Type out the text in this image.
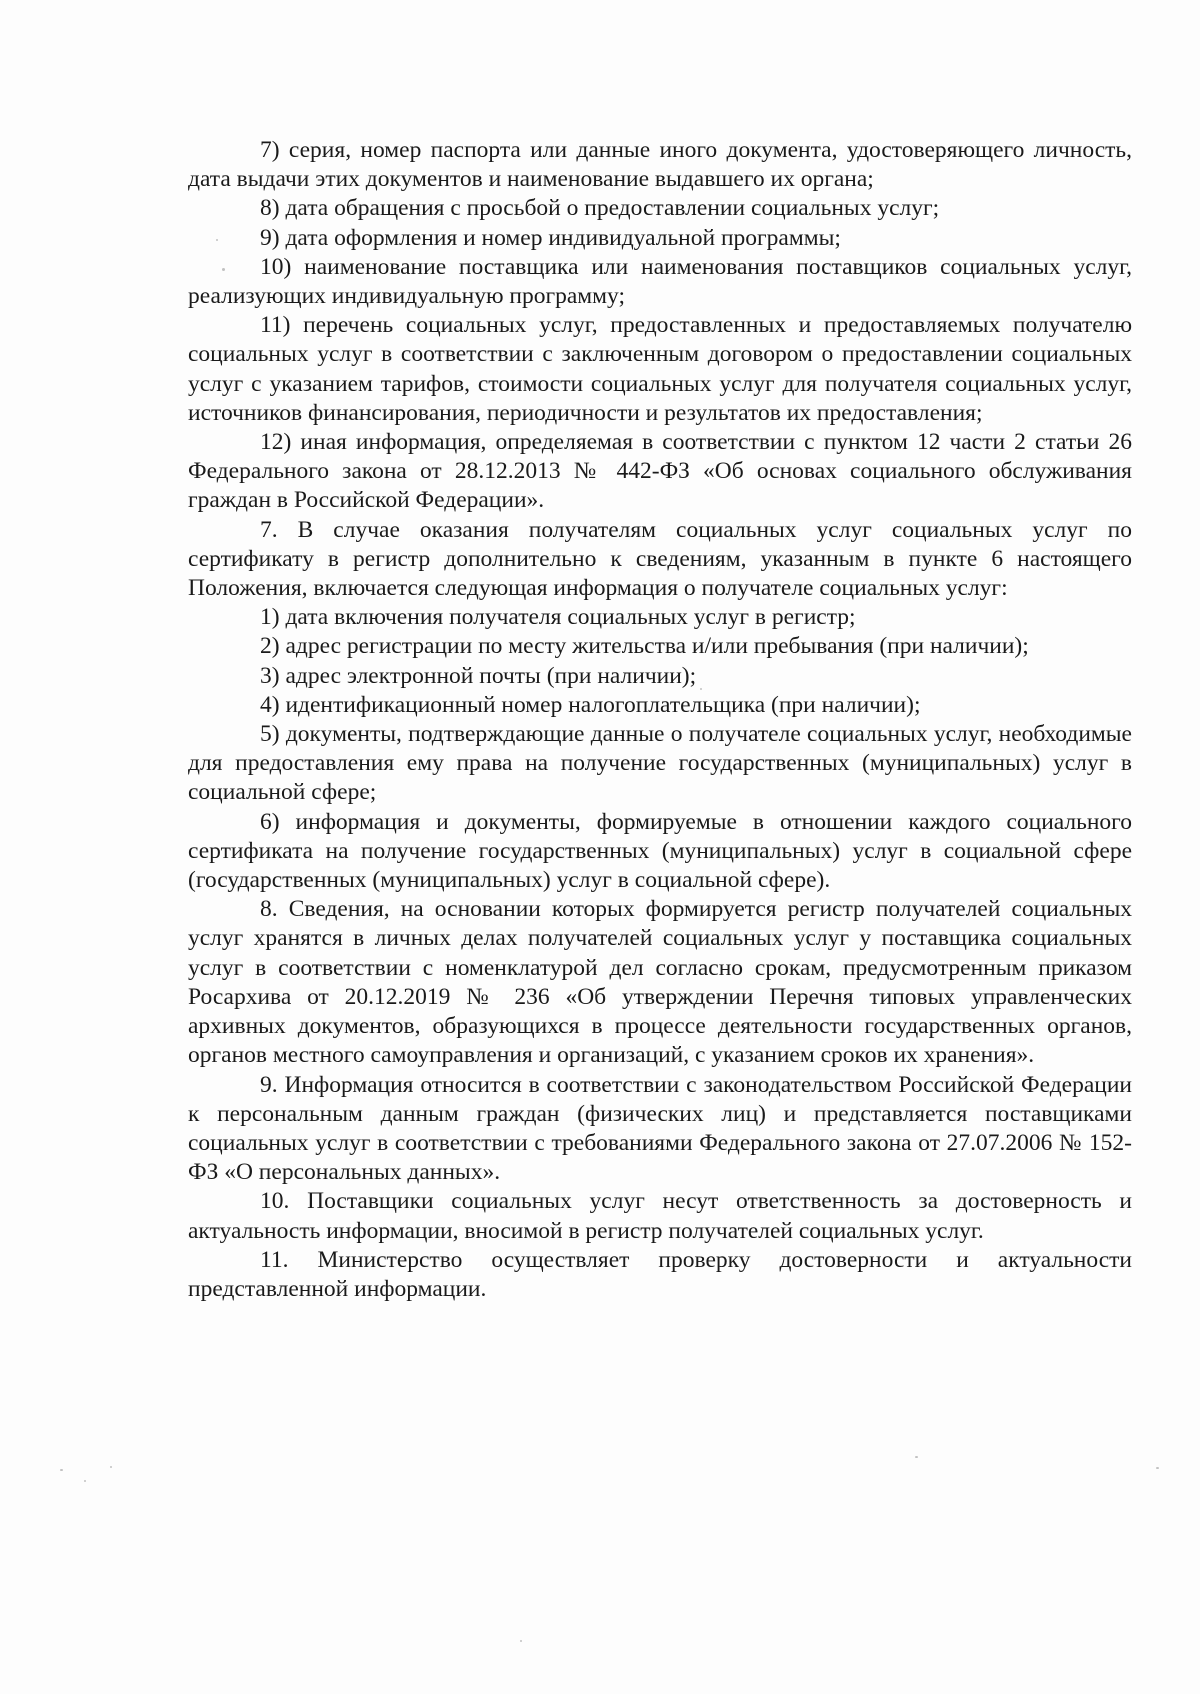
7) серия, номер паспорта или данные иного документа, удостоверяющего личность, дата выдачи этих документов и наименование выдавшего их органа;

8) дата обращения с просьбой о предоставлении социальных услуг;

9) дата оформления и номер индивидуальной программы;

10) наименование поставщика или наименования поставщиков социальных услуг, реализующих индивидуальную программу;

11) перечень социальных услуг, предоставленных и предоставляемых получателю социальных услуг в соответствии с заключенным договором о предоставлении социальных услуг с указанием тарифов, стоимости социальных услуг для получателя социальных услуг, источников финансирования, периодичности и результатов их предоставления;

12) иная информация, определяемая в соответствии с пунктом 12 части 2 статьи 26 Федерального закона от 28.12.2013 № 442-ФЗ «Об основах социального обслуживания граждан в Российской Федерации».

7. В случае оказания получателям социальных услуг социальных услуг по сертификату в регистр дополнительно к сведениям, указанным в пункте 6 настоящего Положения, включается следующая информация о получателе социальных услуг:

1) дата включения получателя социальных услуг в регистр;

2) адрес регистрации по месту жительства и/или пребывания (при наличии);

3) адрес электронной почты (при наличии);

4) идентификационный номер налогоплательщика (при наличии);

5) документы, подтверждающие данные о получателе социальных услуг, необходимые для предоставления ему права на получение государственных (муниципальных) услуг в социальной сфере;

6) информация и документы, формируемые в отношении каждого социального сертификата на получение государственных (муниципальных) услуг в социальной сфере (государственных (муниципальных) услуг в социальной сфере).

8. Сведения, на основании которых формируется регистр получателей социальных услуг хранятся в личных делах получателей социальных услуг у поставщика социальных услуг в соответствии с номенклатурой дел согласно срокам, предусмотренным приказом Росархива от 20.12.2019 № 236 «Об утверждении Перечня типовых управленческих архивных документов, образующихся в процессе деятельности государственных органов, органов местного самоуправления и организаций, с указанием сроков их хранения».

9. Информация относится в соответствии с законодательством Российской Федерации к персональным данным граждан (физических лиц) и представляется поставщиками социальных услуг в соответствии с требованиями Федерального закона от 27.07.2006 № 152-ФЗ «О персональных данных».

10. Поставщики социальных услуг несут ответственность за достоверность и актуальность информации, вносимой в регистр получателей социальных услуг.

11. Министерство осуществляет проверку достоверности и актуальности представленной информации.
